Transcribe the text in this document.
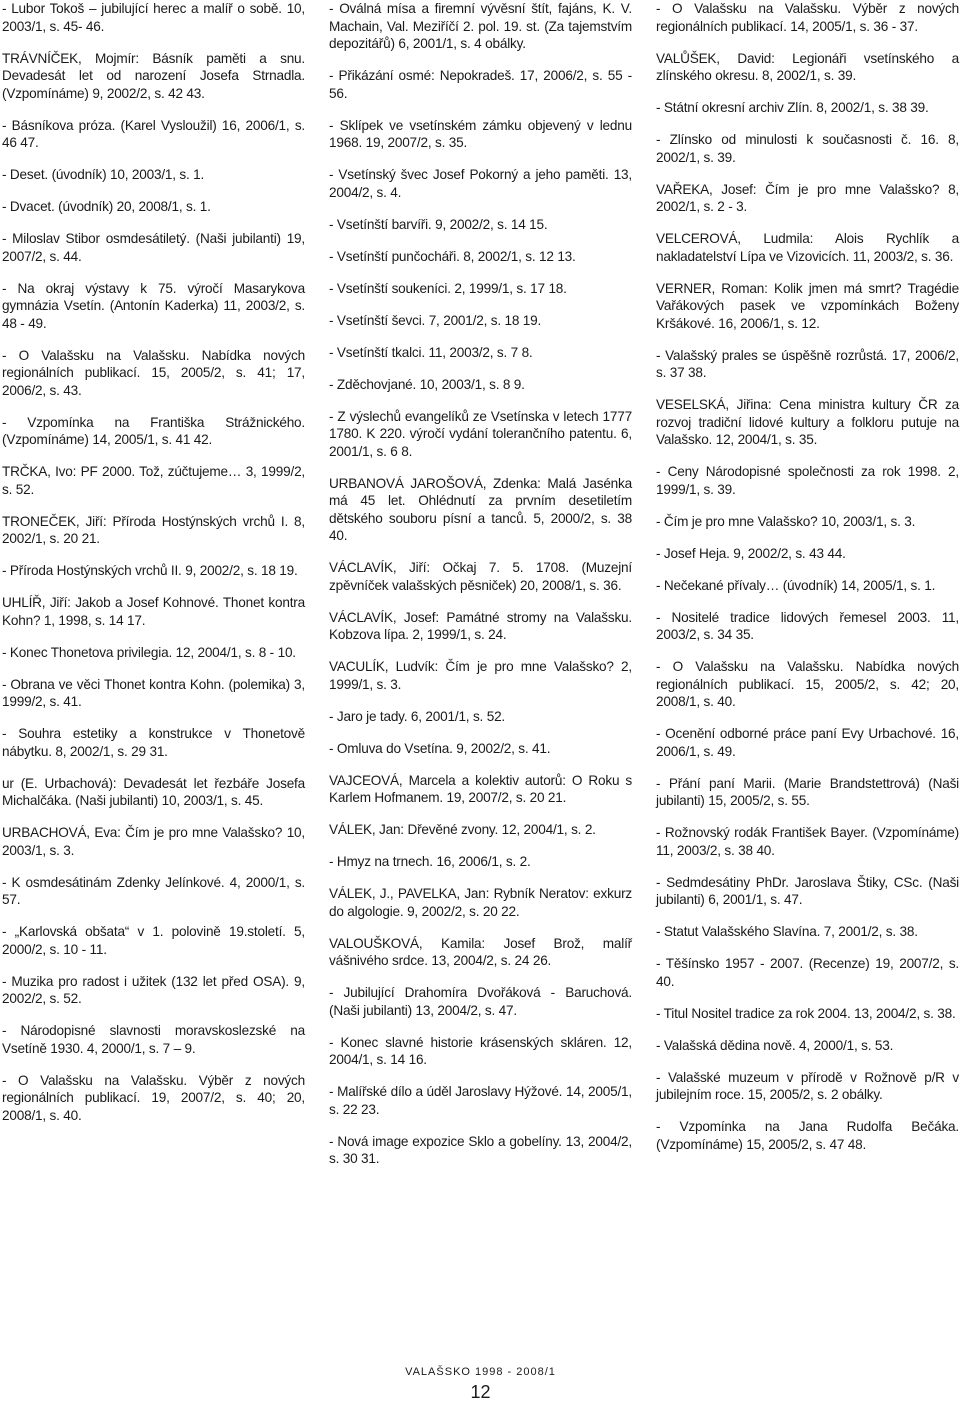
- Lubor Tokoš – jubilující herec a malíř o sobě. 10, 2003/1, s. 45- 46.
TRÁVNÍČEK, Mojmír: Básník paměti a snu. Devadesát let od narození Josefa Strnadla. (Vzpomínáme) 9, 2002/2, s. 42 43.
- Básníkova próza. (Karel Vysloužil) 16, 2006/1, s. 46 47.
- Deset. (úvodník) 10, 2003/1, s. 1.
- Dvacet. (úvodník) 20, 2008/1, s. 1.
- Miloslav Stibor osmdesátiletý. (Naši jubilanti) 19, 2007/2, s. 44.
- Na okraj výstavy k 75. výročí Masarykova gymnázia Vsetín. (Antonín Kaderka) 11, 2003/2, s. 48 - 49.
- O Valašsku na Valašsku. Nabídka nových regionálních publikací. 15, 2005/2, s. 41; 17, 2006/2, s. 43.
- Vzpomínka na Františka Strážnického. (Vzpomínáme) 14, 2005/1, s. 41 42.
TRČKA, Ivo: PF 2000. Tož, zúčtujeme… 3, 1999/2, s. 52.
TRONEČEK, Jiří: Příroda Hostýnských vrchů I. 8, 2002/1, s. 20 21.
- Příroda Hostýnských vrchů II. 9, 2002/2, s. 18 19.
UHLÍŘ, Jiří: Jakob a Josef Kohnové. Thonet kontra Kohn? 1, 1998, s. 14 17.
- Konec Thonetova privilegia. 12, 2004/1, s. 8 - 10.
- Obrana ve věci Thonet kontra Kohn. (polemika) 3, 1999/2, s. 41.
- Souhra estetiky a konstrukce v Thonetově nábytku. 8, 2002/1, s. 29 31.
ur (E. Urbachová): Devadesát let řezbáře Josefa Michalčáka. (Naši jubilanti) 10, 2003/1, s. 45.
URBACHOVÁ, Eva: Čím je pro mne Valašsko? 10, 2003/1, s. 3.
- K osmdesátinám Zdenky Jelínkové. 4, 2000/1, s. 57.
- „Karlovská obšata“ v 1. polovině 19.století. 5, 2000/2, s. 10 - 11.
- Muzika pro radost i užitek (132 let před OSA). 9, 2002/2, s. 52.
- Národopisné slavnosti moravskoslezské na Vsetíně 1930. 4, 2000/1, s. 7 – 9.
- O Valašsku na Valašsku. Výběr z nových regionálních publikací. 19, 2007/2, s. 40; 20, 2008/1, s. 40.
- Oválná mísa a firemní vývěsní štít, fajáns, K. V. Machain, Val. Meziříčí 2. pol. 19. st. (Za tajemstvím depozitářů) 6, 2001/1, s. 4 obálky.
- Přikázání osmé: Nepokradeš. 17, 2006/2, s. 55 - 56.
- Sklípek ve vsetínském zámku objevený v lednu 1968. 19, 2007/2, s. 35.
- Vsetínský švec Josef Pokorný a jeho paměti. 13, 2004/2, s. 4.
- Vsetínští barvíři. 9, 2002/2, s. 14 15.
- Vsetínští punčocháři. 8, 2002/1, s. 12 13.
- Vsetínští soukeníci. 2, 1999/1, s. 17 18.
- Vsetínští ševci. 7, 2001/2, s. 18 19.
- Vsetínští tkalci. 11, 2003/2, s. 7 8.
- Zděchovjané. 10, 2003/1, s. 8 9.
- Z výslechů evangelíků ze Vsetínska v letech 1777 1780. K 220. výročí vydání tolerančního patentu. 6, 2001/1, s. 6 8.
URBANOVÁ JAROŠOVÁ, Zdenka: Malá Jasénka má 45 let. Ohlédnutí za prvním desetiletím dětského souboru písní a tanců. 5, 2000/2, s. 38 40.
VÁCLAVÍK, Jiří: Očkaj 7. 5. 1708. (Muzejní zpěvníček valašských pěsniček) 20, 2008/1, s. 36.
VÁCLAVÍK, Josef: Památné stromy na Valašsku. Kobzova lípa. 2, 1999/1, s. 24.
VACULÍK, Ludvík: Čím je pro mne Valašsko? 2, 1999/1, s. 3.
- Jaro je tady. 6, 2001/1, s. 52.
- Omluva do Vsetína. 9, 2002/2, s. 41.
VAJCEOVÁ, Marcela a kolektiv autorů: O Roku s Karlem Hofmanem. 19, 2007/2, s. 20 21.
VÁLEK, Jan: Dřevěné zvony. 12, 2004/1, s. 2.
- Hmyz na trnech. 16, 2006/1, s. 2.
VÁLEK, J., PAVELKA, Jan: Rybník Neratov: exkurz do algologie. 9, 2002/2, s. 20 22.
VALOUŠKOVÁ, Kamila: Josef Brož, malíř vášnivého srdce. 13, 2004/2, s. 24 26.
- Jubilující Drahomíra Dvořáková - Baruchová. (Naši jubilanti) 13, 2004/2, s. 47.
- Konec slavné historie krásenských skláren. 12, 2004/1, s. 14 16.
- Malířské dílo a úděl Jaroslavy Hýžové. 14, 2005/1, s. 22 23.
- Nová image expozice Sklo a gobelíny. 13, 2004/2, s. 30 31.
- O Valašsku na Valašsku. Výběr z nových regionálních publikací. 14, 2005/1, s. 36 - 37.
VALŮŠEK, David: Legionáři vsetínského a zlínského okresu. 8, 2002/1, s. 39.
- Státní okresní archiv Zlín. 8, 2002/1, s. 38 39.
- Zlínsko od minulosti k současnosti č. 16. 8, 2002/1, s. 39.
VAŘEKA, Josef: Čím je pro mne Valašsko? 8, 2002/1, s. 2 - 3.
VELCEROVÁ, Ludmila: Alois Rychlík a nakladatelství Lípa ve Vizovicích. 11, 2003/2, s. 36.
VERNER, Roman: Kolik jmen má smrt? Tragédie Vařákových pasek ve vzpomínkách Boženy Kršákové. 16, 2006/1, s. 12.
- Valašský prales se úspěšně rozrůstá. 17, 2006/2, s. 37 38.
VESELSKÁ, Jiřina: Cena ministra kultury ČR za rozvoj tradiční lidové kultury a folkloru putuje na Valašsko. 12, 2004/1, s. 35.
- Ceny Národopisné společnosti za rok 1998. 2, 1999/1, s. 39.
- Čím je pro mne Valašsko? 10, 2003/1, s. 3.
- Josef Heja. 9, 2002/2, s. 43 44.
- Nečekané přívaly… (úvodník) 14, 2005/1, s. 1.
- Nositelé tradice lidových řemesel 2003. 11, 2003/2, s. 34 35.
- O Valašsku na Valašsku. Nabídka nových regionálních publikací. 15, 2005/2, s. 42; 20, 2008/1, s. 40.
- Ocenění odborné práce paní Evy Urbachové. 16, 2006/1, s. 49.
- Přání paní Marii. (Marie Brandstettrová) (Naši jubilanti) 15, 2005/2, s. 55.
- Rožnovský rodák František Bayer. (Vzpomínáme) 11, 2003/2, s. 38 40.
- Sedmdesátiny PhDr. Jaroslava Štiky, CSc. (Naši jubilanti) 6, 2001/1, s. 47.
- Statut Valašského Slavína. 7, 2001/2, s. 38.
- Těšínsko 1957 - 2007. (Recenze) 19, 2007/2, s. 40.
- Titul Nositel tradice za rok 2004. 13, 2004/2, s. 38.
- Valašská dědina nově. 4, 2000/1, s. 53.
- Valašské muzeum v přírodě v Rožnově p/R v jubilejním roce. 15, 2005/2, s. 2 obálky.
- Vzpomínka na Jana Rudolfa Bečáka. (Vzpomínáme) 15, 2005/2, s. 47 48.
VALAŠSKO 1998 - 2008/1
12
